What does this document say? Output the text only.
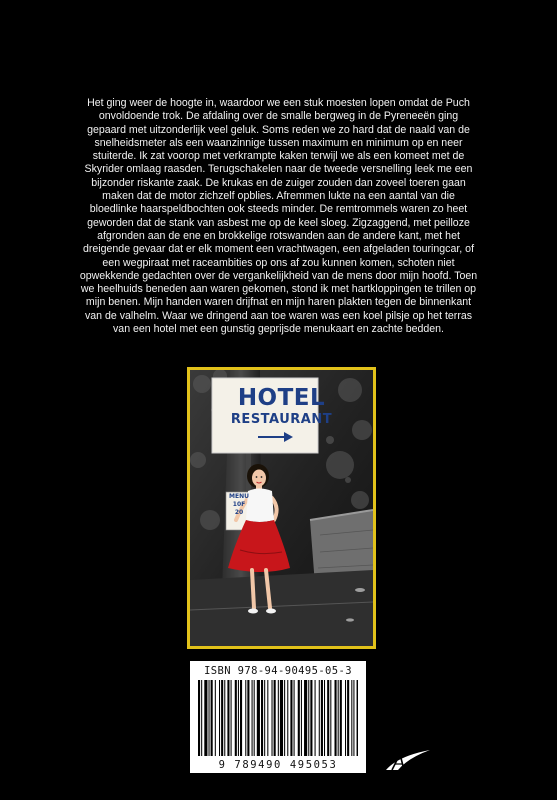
Het ging weer de hoogte in, waardoor we een stuk moesten lopen omdat de Puch
onvoldoende trok. De afdaling over de smalle bergweg in de Pyreneeën ging
gepaard met uitzonderlijk veel geluk. Soms reden we zo hard dat de naald van de
snelheidsmeter als een waanzinnige tussen maximum en minimum op en neer
stuiterde. Ik zat voorop met verkrampte kaken terwijl we als een komeet met de
Skyrider omlaag raasden. Terugschakelen naar de tweede versnelling leek me een
bijzonder riskante zaak. De krukas en de zuiger zouden dan zoveel toeren gaan
maken dat de motor zichzelf opblies. Afremmen lukte na een aantal van die
bloedlinke haarspeldbochten ook steeds minder. De remtrommels waren zo heet
geworden dat de stank van asbest me op de keel sloeg. Zigzaggend, met peilloze
afgronden aan de ene en brokkelige rotswanden aan de andere kant, met het
dreigende gevaar dat er elk moment een vrachtwagen, een afgeladen touringcar, of
een wegpiraat met raceambities op ons af zou kunnen komen, schoten niet
opwekkende gedachten over de vergankelijkheid van de mens door mijn hoofd. Toen
we heelhuids beneden aan waren gekomen, stond ik met hartkloppingen te trillen op
mijn benen. Mijn handen waren drijfnat en mijn haren plakten tegen de binnenkant
van de valhelm. Waar we dringend aan toe waren was een koel pilsje op het terras
van een hotel met een gunstig geprijsde menukaart en zachte bedden.
HOTEL
RESTAURANT
MENU
10F
20
ISBN 978-94-90495-05-3
9 789490 495053
